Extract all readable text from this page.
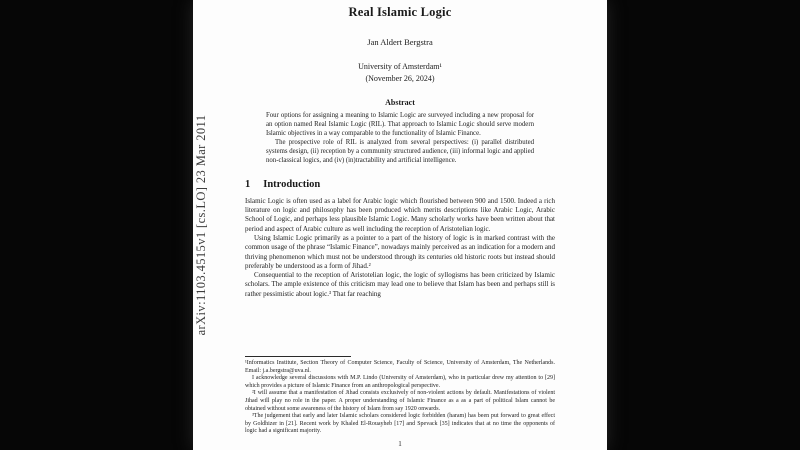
arXiv:1103.4515v1 [cs.LO] 23 Mar 2011
Real Islamic Logic
Jan Aldert Bergstra
University of Amsterdam¹
(November 26, 2024)
Abstract

Four options for assigning a meaning to Islamic Logic are surveyed including a new proposal for an option named Real Islamic Logic (RIL). That approach to Islamic Logic should serve modern Islamic objectives in a way comparable to the functionality of Islamic Finance.

The prospective role of RIL is analyzed from several perspectives: (i) parallel distributed systems design, (ii) reception by a community structured audience, (iii) informal logic and applied non-classical logics, and (iv) (in)tractability and artificial intelligence.

1 Introduction

Islamic Logic is often used as a label for Arabic logic which flourished between 900 and 1500. Indeed a rich literature on logic and philosophy has been produced which merits descriptions like Arabic Logic, Arabic School of Logic, and perhaps less plausible Islamic Logic. Many scholarly works have been written about that period and aspect of Arabic culture as well including the reception of Aristotelian logic.

Using Islamic Logic primarily as a pointer to a part of the history of logic is in marked contrast with the common usage of the phrase “Islamic Finance”, nowadays mainly perceived as an indication for a modern and thriving phenomenon which must not be understood through its centuries old historic roots but instead should preferably be understood as a form of Jihad.²

Consequential to the reception of Aristotelian logic, the logic of syllogisms has been criticized by Islamic scholars. The ample existence of this criticism may lead one to believe that Islam has been and perhaps still is rather pessimistic about logic.³ That far reaching

¹Informatics Institute, Section Theory of Computer Science, Faculty of Science, University of Amsterdam, The Netherlands. Email: j.a.bergstra@uva.nl.

I acknowledge several discussions with M.P. Lindo (University of Amsterdam), who in particular drew my attention to [29] which provides a picture of Islamic Finance from an anthropological perspective.

²I will assume that a manifestation of Jihad consists exclusively of non-violent actions by default. Manifestations of violent Jihad will play no role in the paper. A proper understanding of Islamic Finance as a as a part of political Islam cannot be obtained without some awareness of the history of Islam from say 1920 onwards.

³The judgement that early and later Islamic scholars considered logic forbidden (haram) has been put forward to great effect by Goldhizer in [21]. Recent work by Khaled El-Rouayheb [17] and Spevack [35] indicates that at no time the opponents of logic had a significant majority.

1
